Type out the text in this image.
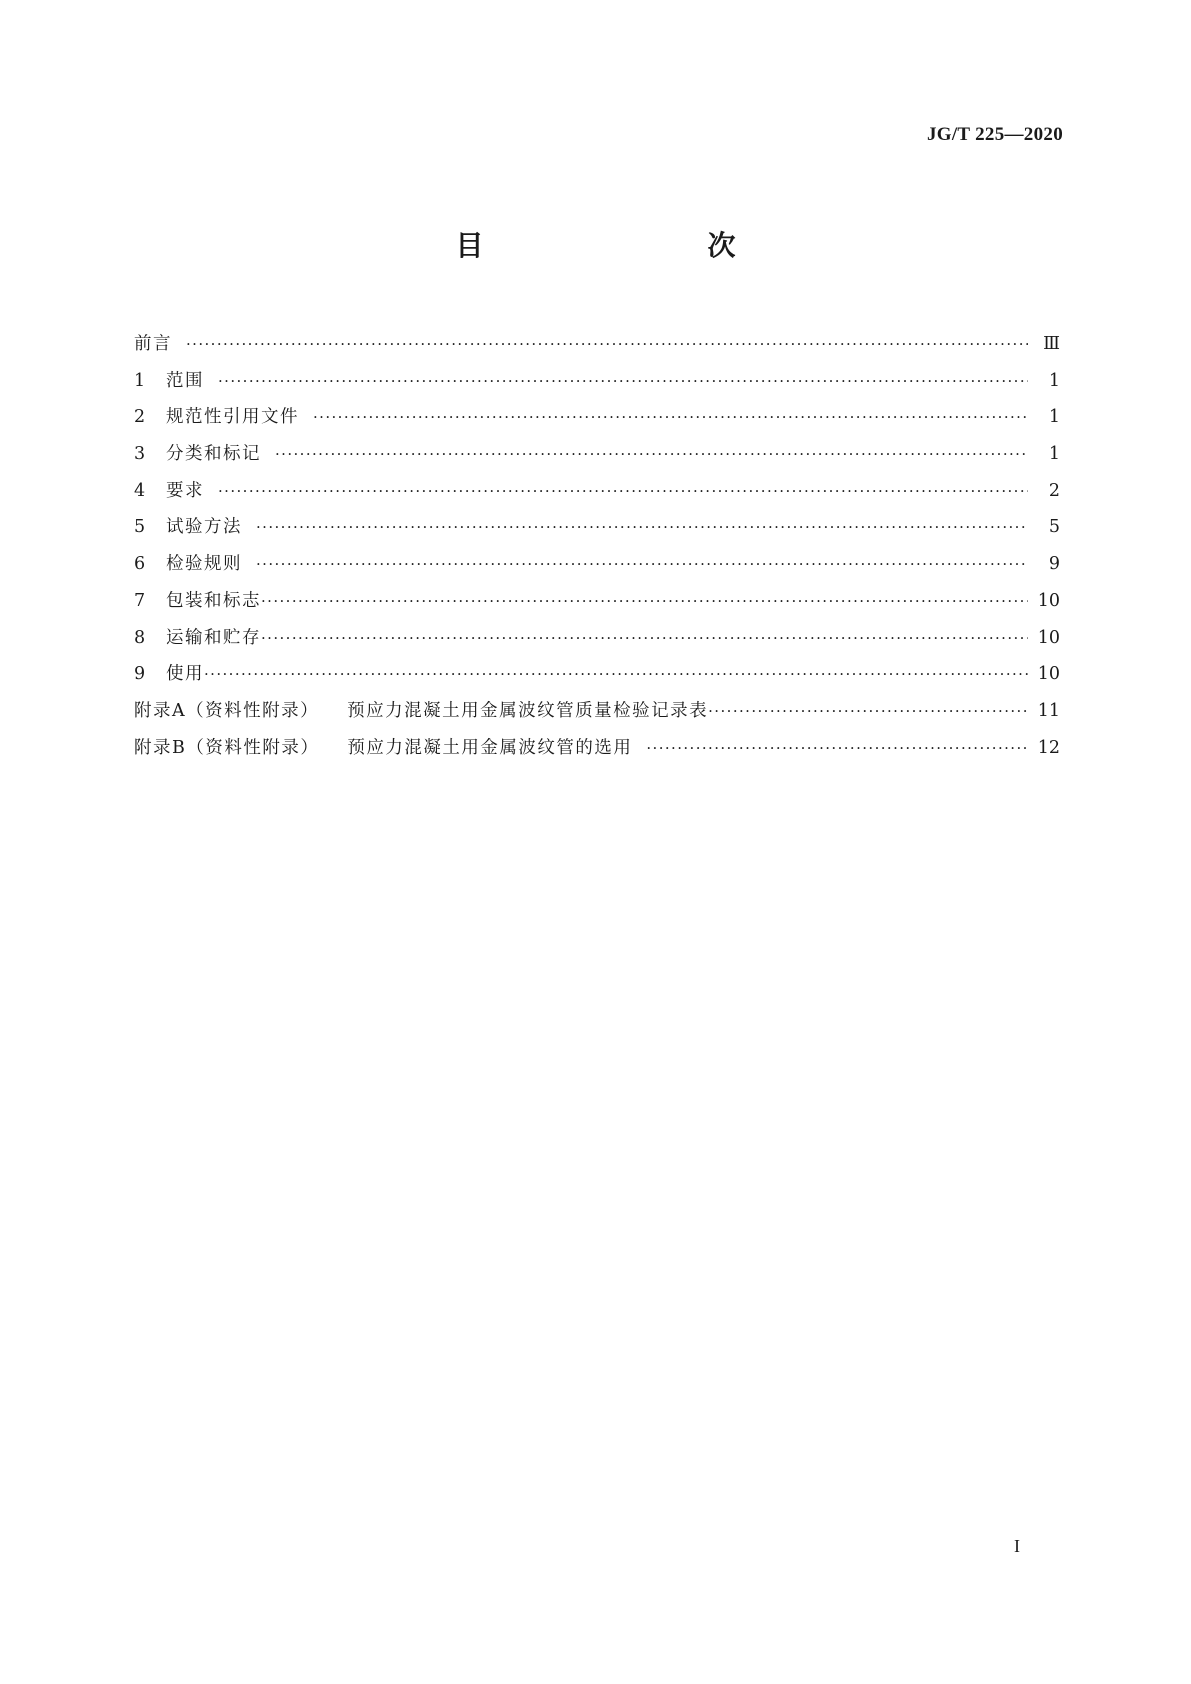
JG/T 225—2020
目　　次
前言 ·····	Ⅲ
1	范围 ·····	1
2	规范性引用文件 ·····	1
3	分类和标记 ·····	1
4	要求 ·····	2
5	试验方法 ·····	5
6	检验规则 ·····	9
7	包装和标志 ·····	10
8	运输和贮存 ·····	10
9	使用 ·····	10
附录A（资料性附录） 预应力混凝土用金属波纹管质量检验记录表 ·····	11
附录B（资料性附录） 预应力混凝土用金属波纹管的选用 ·····	12
I
